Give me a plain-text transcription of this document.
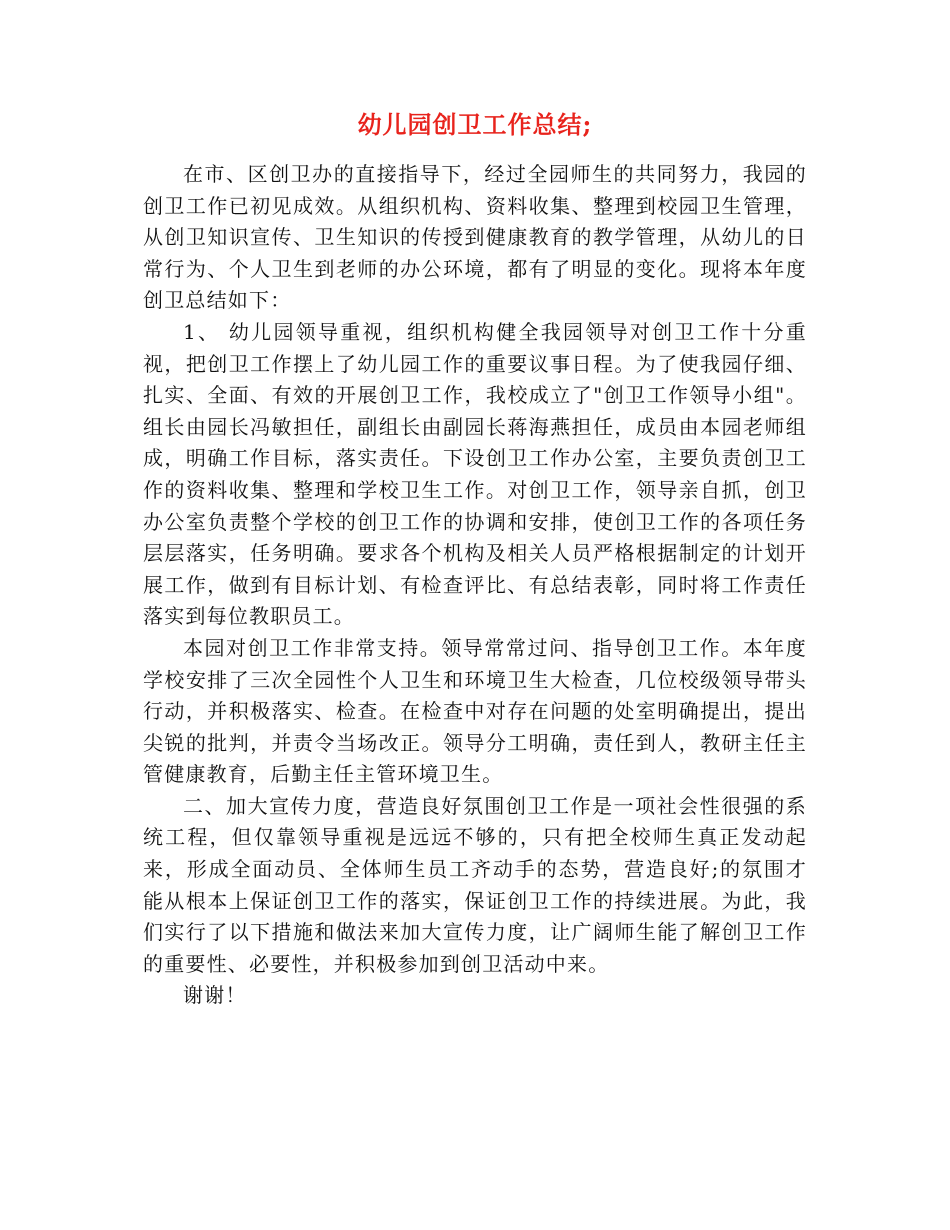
幼儿园创卫工作总结;

在市、区创卫办的直接指导下，经过全园师生的共同努力，我园的创卫工作已初见成效。从组织机构、资料收集、整理到校园卫生管理，从创卫知识宣传、卫生知识的传授到健康教育的教学管理，从幼儿的日常行为、个人卫生到老师的办公环境，都有了明显的变化。现将本年度创卫总结如下：

1、 幼儿园领导重视，组织机构健全我园领导对创卫工作十分重视，把创卫工作摆上了幼儿园工作的重要议事日程。为了使我园仔细、扎实、全面、有效的开展创卫工作，我校成立了"创卫工作领导小组"。组长由园长冯敏担任，副组长由副园长蒋海燕担任，成员由本园老师组成，明确工作目标，落实责任。下设创卫工作办公室，主要负责创卫工作的资料收集、整理和学校卫生工作。对创卫工作，领导亲自抓，创卫办公室负责整个学校的创卫工作的协调和安排，使创卫工作的各项任务层层落实，任务明确。要求各个机构及相关人员严格根据制定的计划开展工作，做到有目标计划、有检查评比、有总结表彰，同时将工作责任落实到每位教职员工。

本园对创卫工作非常支持。领导常常过问、指导创卫工作。本年度学校安排了三次全园性个人卫生和环境卫生大检查，几位校级领导带头行动，并积极落实、检查。在检查中对存在问题的处室明确提出，提出尖锐的批判，并责令当场改正。领导分工明确，责任到人，教研主任主管健康教育，后勤主任主管环境卫生。

二、加大宣传力度，营造良好氛围创卫工作是一项社会性很强的系统工程，但仅靠领导重视是远远不够的，只有把全校师生真正发动起来，形成全面动员、全体师生员工齐动手的态势，营造良好;的氛围才能从根本上保证创卫工作的落实，保证创卫工作的持续进展。为此，我们实行了以下措施和做法来加大宣传力度，让广阔师生能了解创卫工作的重要性、必要性，并积极参加到创卫活动中来。

谢谢！
